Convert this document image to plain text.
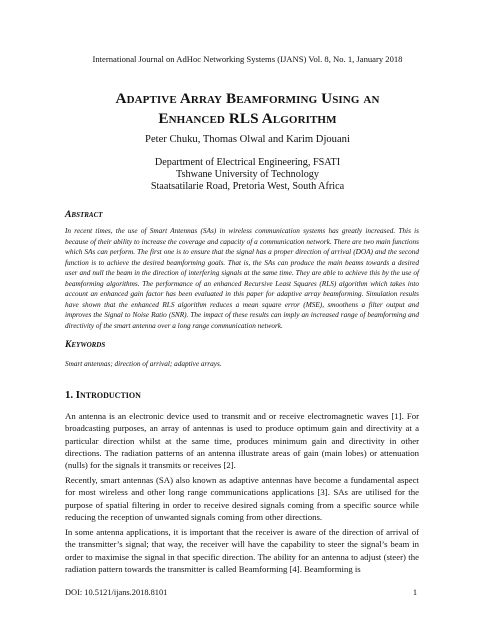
International Journal on AdHoc Networking Systems (IJANS) Vol. 8, No. 1, January 2018
Adaptive Array Beamforming Using an
Enhanced RLS Algorithm
Peter Chuku, Thomas Olwal and Karim Djouani
Department of Electrical Engineering, FSATI
Tshwane University of Technology
Staatsatilarie Road, Pretoria West, South Africa
Abstract
In recent times, the use of Smart Antennas (SAs) in wireless communication systems has greatly increased. This is because of their ability to increase the coverage and capacity of a communication network. There are two main functions which SAs can perform. The first one is to ensure that the signal has a proper direction of arrival (DOA) and the second function is to achieve the desired beamforming goals. That is, the SAs can produce the main beams towards a desired user and null the beam in the direction of interfering signals at the same time. They are able to achieve this by the use of beamforming algorithms. The performance of an enhanced Recursive Least Squares (RLS) algorithm which takes into account an enhanced gain factor has been evaluated in this paper for adaptive array beamforming. Simulation results have shown that the enhanced RLS algorithm reduces a mean square error (MSE), smoothens a filter output and improves the Signal to Noise Ratio (SNR). The impact of these results can imply an increased range of beamforming and directivity of the smart antenna over a long range communication network.
Keywords
Smart antennas; direction of arrival; adaptive arrays.
1. Introduction
An antenna is an electronic device used to transmit and or receive electromagnetic waves [1]. For broadcasting purposes, an array of antennas is used to produce optimum gain and directivity at a particular direction whilst at the same time, produces minimum gain and directivity in other directions. The radiation patterns of an antenna illustrate areas of gain (main lobes) or attenuation (nulls) for the signals it transmits or receives [2].
Recently, smart antennas (SA) also known as adaptive antennas have become a fundamental aspect for most wireless and other long range communications applications [3]. SAs are utilised for the purpose of spatial filtering in order to receive desired signals coming from a specific source while reducing the reception of unwanted signals coming from other directions.
In some antenna applications, it is important that the receiver is aware of the direction of arrival of the transmitter’s signal; that way, the receiver will have the capability to steer the signal’s beam in order to maximise the signal in that specific direction. The ability for an antenna to adjust (steer) the radiation pattern towards the transmitter is called Beamforming [4]. Beamforming is
DOI: 10.5121/ijans.2018.8101	1
